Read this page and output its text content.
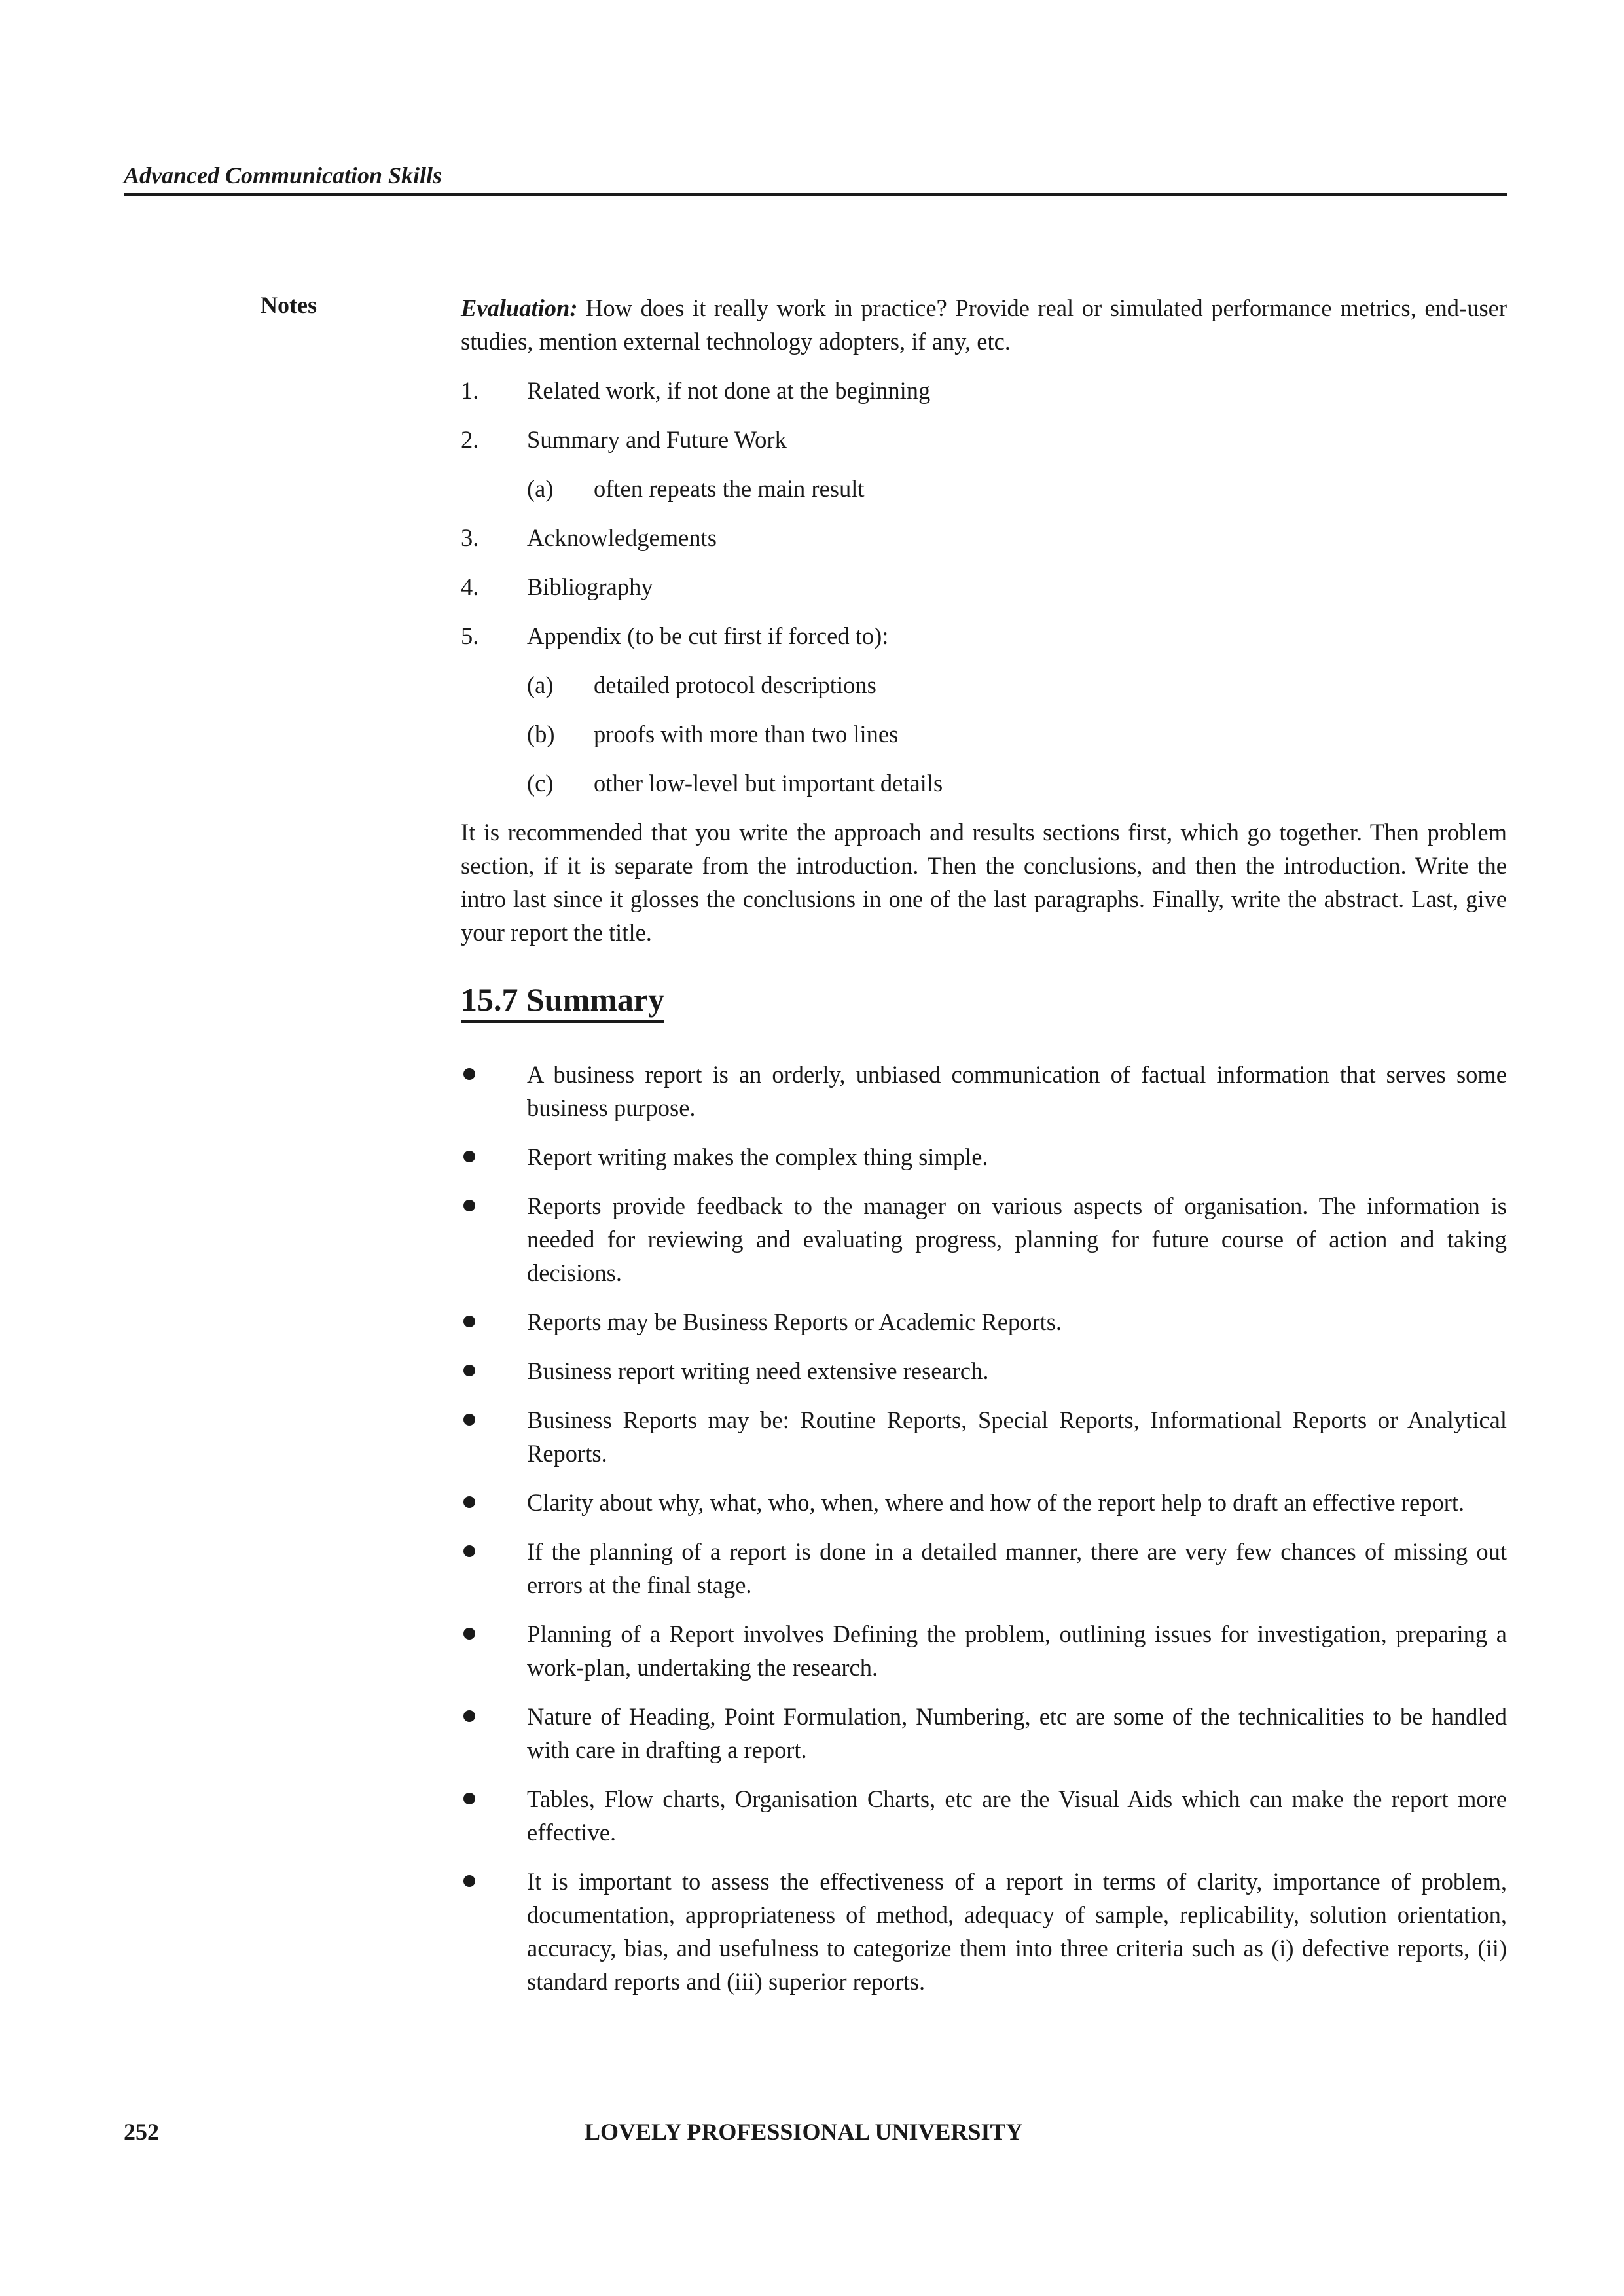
Advanced Communication Skills
Notes	Evaluation: How does it really work in practice? Provide real or simulated performance metrics, end-user studies, mention external technology adopters, if any, etc.

1. Related work, if not done at the beginning
2. Summary and Future Work
(a) often repeats the main result
3. Acknowledgements
4. Bibliography
5. Appendix (to be cut first if forced to):
(a) detailed protocol descriptions
(b) proofs with more than two lines
(c) other low-level but important details

It is recommended that you write the approach and results sections first, which go together. Then problem section, if it is separate from the introduction. Then the conclusions, and then the introduction. Write the intro last since it glosses the conclusions in one of the last paragraphs. Finally, write the abstract. Last, give your report the title.

15.7 Summary
A business report is an orderly, unbiased communication of factual information that serves some business purpose.
Report writing makes the complex thing simple.
Reports provide feedback to the manager on various aspects of organisation. The information is needed for reviewing and evaluating progress, planning for future course of action and taking decisions.
Reports may be Business Reports or Academic Reports.
Business report writing need extensive research.
Business Reports may be: Routine Reports, Special Reports, Informational Reports or Analytical Reports.
Clarity about why, what, who, when, where and how of the report help to draft an effective report.
If the planning of a report is done in a detailed manner, there are very few chances of missing out errors at the final stage.
Planning of a Report involves Defining the problem, outlining issues for investigation, preparing a work-plan, undertaking the research.
Nature of Heading, Point Formulation, Numbering, etc are some of the technicalities to be handled with care in drafting a report.
Tables, Flow charts, Organisation Charts, etc are the Visual Aids which can make the report more effective.
It is important to assess the effectiveness of a report in terms of clarity, importance of problem, documentation, appropriateness of method, adequacy of sample, replicability, solution orientation, accuracy, bias, and usefulness to categorize them into three criteria such as (i) defective reports, (ii) standard reports and (iii) superior reports.
252	LOVELY PROFESSIONAL UNIVERSITY
